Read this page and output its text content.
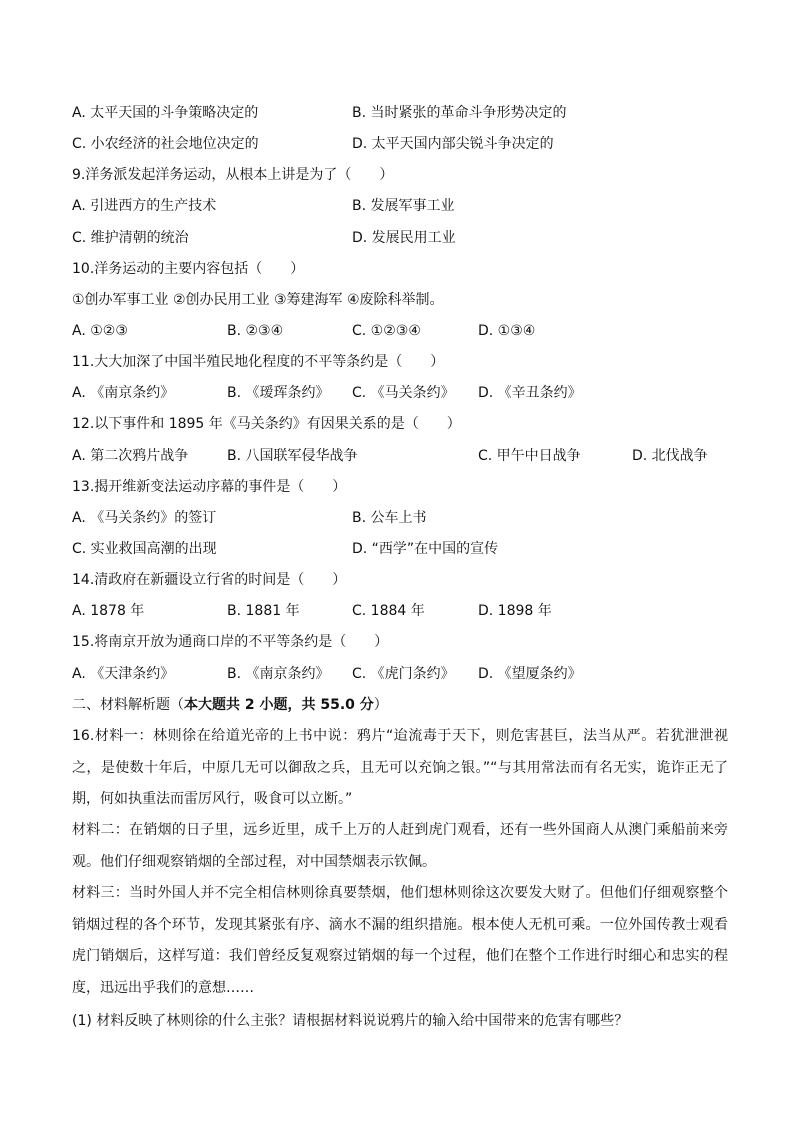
A. 太平天国的斗争策略决定的	B. 当时紧张的革命斗争形势决定的
C. 小农经济的社会地位决定的	D. 太平天国内部尖锐斗争决定的
9.洋务派发起洋务运动，从根本上讲是为了（　　）
A. 引进西方的生产技术	B. 发展军事工业
C. 维护清朝的统治	D. 发展民用工业
10.洋务运动的主要内容包括（　　）
①创办军事工业 ②创办民用工业 ③筹建海军 ④废除科举制。
A. ①②③	B. ②③④	C. ①②③④	D. ①③④
11.大大加深了中国半殖民地化程度的不平等条约是（　　）
A. 《南京条约》	B. 《瑷珲条约》 C. 《马关条约》 D. 《辛丑条约》
12.以下事件和 1895 年《马关条约》有因果关系的是（　　）
A. 第二次鸦片战争	B. 八国联军侵华战争	C. 甲午中日战争	D. 北伐战争
13.揭开维新变法运动序幕的事件是（　　）
A. 《马关条约》的签订	B. 公车上书
C. 实业救国高潮的出现	D. “西学”在中国的宣传
14.清政府在新疆设立行省的时间是（　　）
A. 1878 年	B. 1881 年	C. 1884 年	D. 1898 年
15.将南京开放为通商口岸的不平等条约是（　　）
A. 《天津条约》	B. 《南京条约》 C. 《虎门条约》 D. 《望厦条约》
二、材料解析题（本大题共 2 小题，共 55.0 分）
16.材料一：林则徐在给道光帝的上书中说：鸦片“迨流毒于天下，则危害甚巨，法当从严。若犹泄泄视之，是使数十年后，中原几无可以御敌之兵，且无可以充饷之银。”“与其用常法而有名无实，诡诈正无了期，何如执重法而雷厉风行，吸食可以立断。”
材料二：在销烟的日子里，远乡近里，成千上万的人赶到虎门观看，还有一些外国商人从澳门乘船前来旁观。他们仔细观察销烟的全部过程，对中国禁烟表示钦佩。
材料三：当时外国人并不完全相信林则徐真要禁烟，他们想林则徐这次要发大财了。但他们仔细观察整个销烟过程的各个环节，发现其紧张有序、滴水不漏的组织措施。根本使人无机可乘。一位外国传教士观看虎门销烟后，这样写道：我们曾经反复观察过销烟的每一个过程，他们在整个工作进行时细心和忠实的程度，迅远出乎我们的意想……
(1) 材料反映了林则徐的什么主张？请根据材料说说鸦片的输入给中国带来的危害有哪些？
